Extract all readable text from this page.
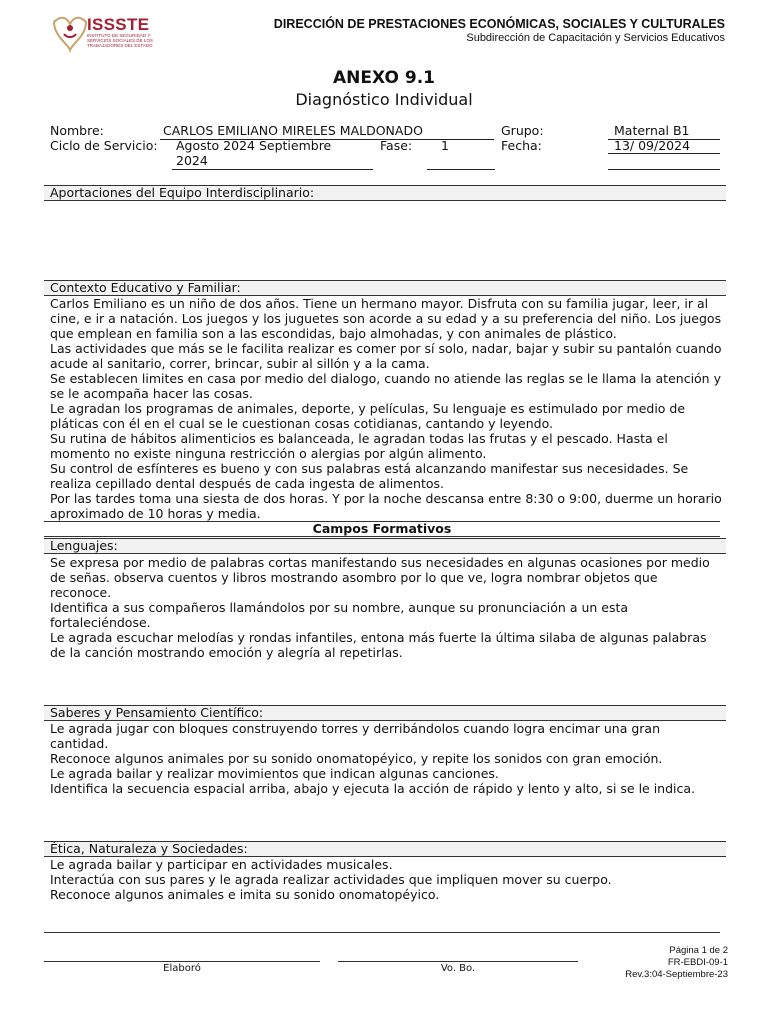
ISSSTE
INSTITUTO DE SEGURIDAD Y SERVICIOS SOCIALES DE LOS TRABAJADORES DEL ESTADO
DIRECCIÓN DE PRESTACIONES ECONÓMICAS, SOCIALES Y CULTURALES
Subdirección de Capacitación y Servicios Educativos
ANEXO 9.1
Diagnóstico Individual
Nombre:	CARLOS EMILIANO MIRELES MALDONADO	Grupo:	Maternal B1
Ciclo de Servicio: Agosto 2024 Septiembre
2024
Fase: 1	Fecha:	13/ 09/2024
Aportaciones del Equipo Interdisciplinario:
Contexto Educativo y Familiar:

Carlos Emiliano es un niño de dos años. Tiene un hermano mayor. Disfruta con su familia jugar, leer, ir al cine, e ir a natación. Los juegos y los juguetes son acorde a su edad y a su preferencia del niño. Los juegos que emplean en familia son a las escondidas, bajo almohadas, y con animales de plástico.

Las actividades que más se le facilita realizar es comer por sí solo, nadar, bajar y subir su pantalón cuando acude al sanitario, correr, brincar, subir al sillón y a la cama.

Se establecen limites en casa por medio del dialogo, cuando no atiende las reglas se le llama la atención y se le acompaña hacer las cosas.

Le agradan los programas de animales, deporte, y películas, Su lenguaje es estimulado por medio de pláticas con él en el cual se le cuestionan cosas cotidianas, cantando y leyendo.

Su rutina de hábitos alimenticios es balanceada, le agradan todas las frutas y el pescado. Hasta el momento no existe ninguna restricción o alergias por algún alimento.

Su control de esfínteres es bueno y con sus palabras está alcanzando manifestar sus necesidades. Se realiza cepillado dental después de cada ingesta de alimentos.

Por las tardes toma una siesta de dos horas. Y por la noche descansa entre 8:30 o 9:00, duerme un horario aproximado de 10 horas y media.

Campos Formativos
Lenguajes:

Se expresa por medio de palabras cortas manifestando sus necesidades en algunas ocasiones por medio de señas. observa cuentos y libros mostrando asombro por lo que ve, logra nombrar objetos que reconoce.

Identifica a sus compañeros llamándolos por su nombre, aunque su pronunciación a un esta fortaleciéndose.

Le agrada escuchar melodías y rondas infantiles, entona más fuerte la última silaba de algunas palabras de la canción mostrando emoción y alegría al repetirlas.

Saberes y Pensamiento Científico:

Le agrada jugar con bloques construyendo torres y derribándolos cuando logra encimar una gran cantidad.

Reconoce algunos animales por su sonido onomatopéyico, y repite los sonidos con gran emoción.

Le agrada bailar y realizar movimientos que indican algunas canciones.

Identifica la secuencia espacial arriba, abajo y ejecuta la acción de rápido y lento y alto, si se le indica.

Ética, Naturaleza y Sociedades:

Le agrada bailar y participar en actividades musicales.

Interactúa con sus pares y le agrada realizar actividades que impliquen mover su cuerpo.

Reconoce algunos animales e imita su sonido onomatopéyico.

Elaboró	Vo. Bo.
Página 1 de 2
FR-EBDI-09-1
Rev.3:04-Septiembre-23
